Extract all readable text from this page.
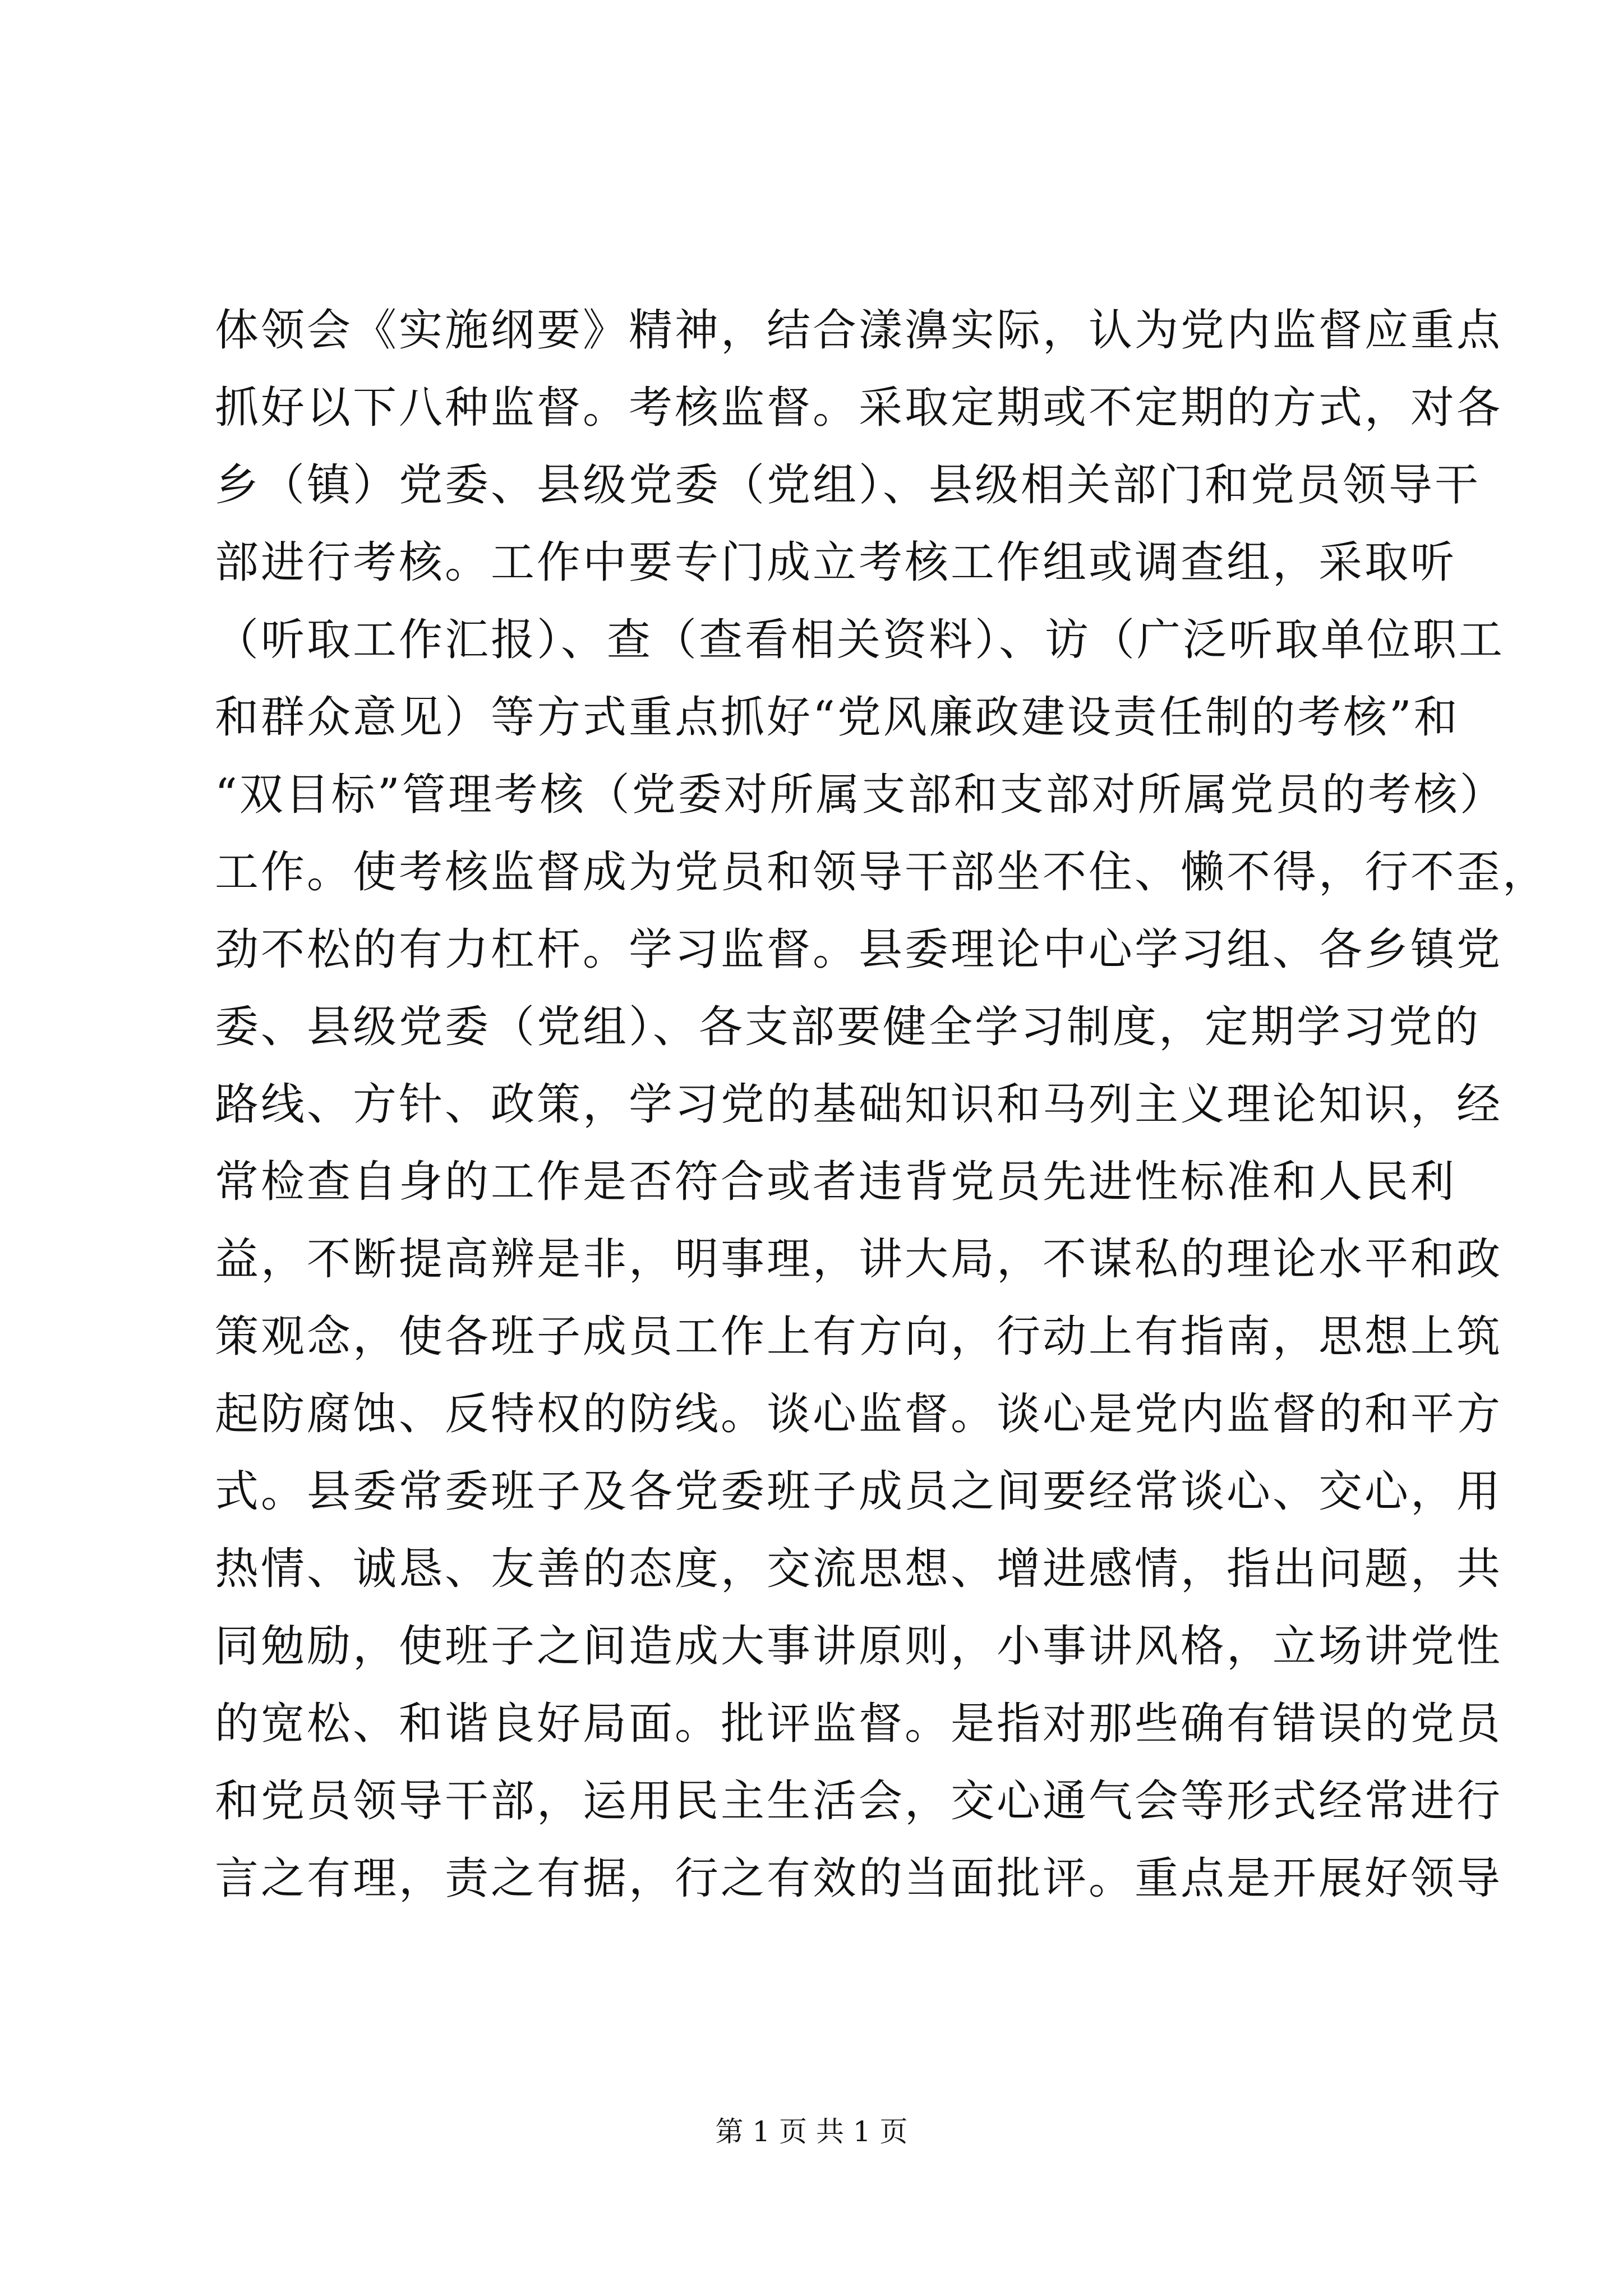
体领会《实施纲要》精神，结合漾濞实际，认为党内监督应重点
抓好以下八种监督。考核监督。采取定期或不定期的方式，对各
乡（镇）党委、县级党委（党组）、县级相关部门和党员领导干
部进行考核。工作中要专门成立考核工作组或调查组，采取听
（听取工作汇报）、查（查看相关资料）、访（广泛听取单位职工
和群众意见）等方式重点抓好“党风廉政建设责任制的考核”和
“双目标”管理考核（党委对所属支部和支部对所属党员的考核）
工作。使考核监督成为党员和领导干部坐不住、懒不得，行不歪，
劲不松的有力杠杆。学习监督。县委理论中心学习组、各乡镇党
委、县级党委（党组）、各支部要健全学习制度，定期学习党的
路线、方针、政策，学习党的基础知识和马列主义理论知识，经
常检查自身的工作是否符合或者违背党员先进性标准和人民利
益，不断提高辨是非，明事理，讲大局，不谋私的理论水平和政
策观念，使各班子成员工作上有方向，行动上有指南，思想上筑
起防腐蚀、反特权的防线。谈心监督。谈心是党内监督的和平方
式。县委常委班子及各党委班子成员之间要经常谈心、交心，用
热情、诚恳、友善的态度，交流思想、增进感情，指出问题，共
同勉励，使班子之间造成大事讲原则，小事讲风格，立场讲党性
的宽松、和谐良好局面。批评监督。是指对那些确有错误的党员
和党员领导干部，运用民主生活会，交心通气会等形式经常进行
言之有理，责之有据，行之有效的当面批评。重点是开展好领导
第 1 页 共 1 页
